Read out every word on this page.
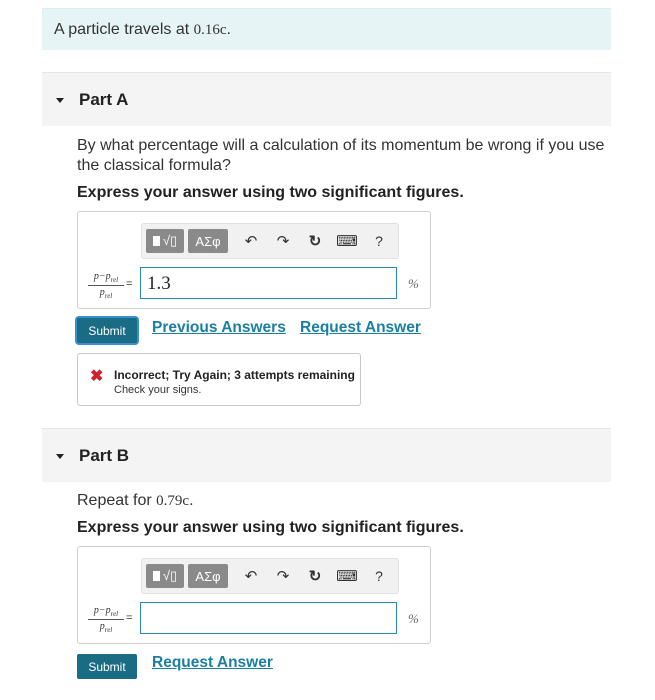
A particle travels at 0.16c.
Part A
By what percentage will a calculation of its momentum be wrong if you use the classical formula?
Express your answer using two significant figures.
√▯	AΣφ	↶	↷	↻ ⌨	?
$p-p_{rel}$
$p_{rel}$
= 1.3	%
Submit	Previous Answers Request Answer
✖ Incorrect; Try Again; 3 attempts remaining
Check your signs.
Part B
Repeat for 0.79c.
Express your answer using two significant figures.
√▯	AΣφ	↶	↷	↻ ⌨	?
$p-p_{rel}$
$p_{rel}$
=	%
Submit	Request Answer
